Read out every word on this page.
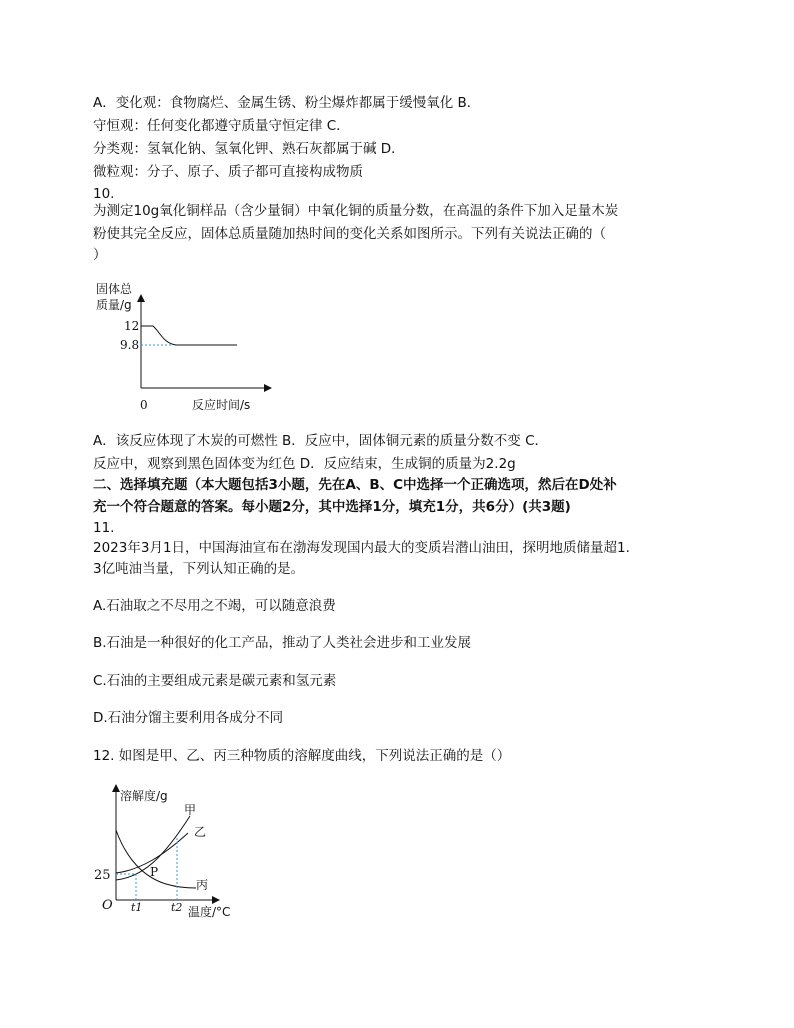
A．变化观：食物腐烂、金属生锈、粉尘爆炸都属于缓慢氧化 B．
守恒观：任何变化都遵守质量守恒定律 C．
分类观：氢氧化钠、氢氧化钾、熟石灰都属于碱 D．
微粒观：分子、原子、质子都可直接构成物质
10.
为测定10g氧化铜样品（含少量铜）中氧化铜的质量分数，在高温的条件下加入足量木炭
粉使其完全反应，固体总质量随加热时间的变化关系如图所示。下列有关说法正确的（
）
固体总
质量/g
12
9.8
0	反应时间/s
A．该反应体现了木炭的可燃性 B．反应中，固体铜元素的质量分数不变 C．
反应中，观察到黑色固体变为红色 D．反应结束，生成铜的质量为2.2g
二、选择填充题（本大题包括3小题，先在A、B、C中选择一个正确选项，然后在D处补
充一个符合题意的答案。每小题2分，其中选择1分，填充1分，共6分）(共3题)
11.
2023年3月1日，中国海油宣布在渤海发现国内最大的变质岩潜山油田，探明地质储量超1.
3亿吨油当量，下列认知正确的是。
A.石油取之不尽用之不竭，可以随意浪费
B.石油是一种很好的化工产品，推动了人类社会进步和工业发展
C.石油的主要组成元素是碳元素和氢元素
D.石油分馏主要利用各成分不同
12. 如图是甲、乙、丙三种物质的溶解度曲线，下列说法正确的是（）
溶解度/g
甲
乙
丙
P
25
O t1	t2 温度/°C
